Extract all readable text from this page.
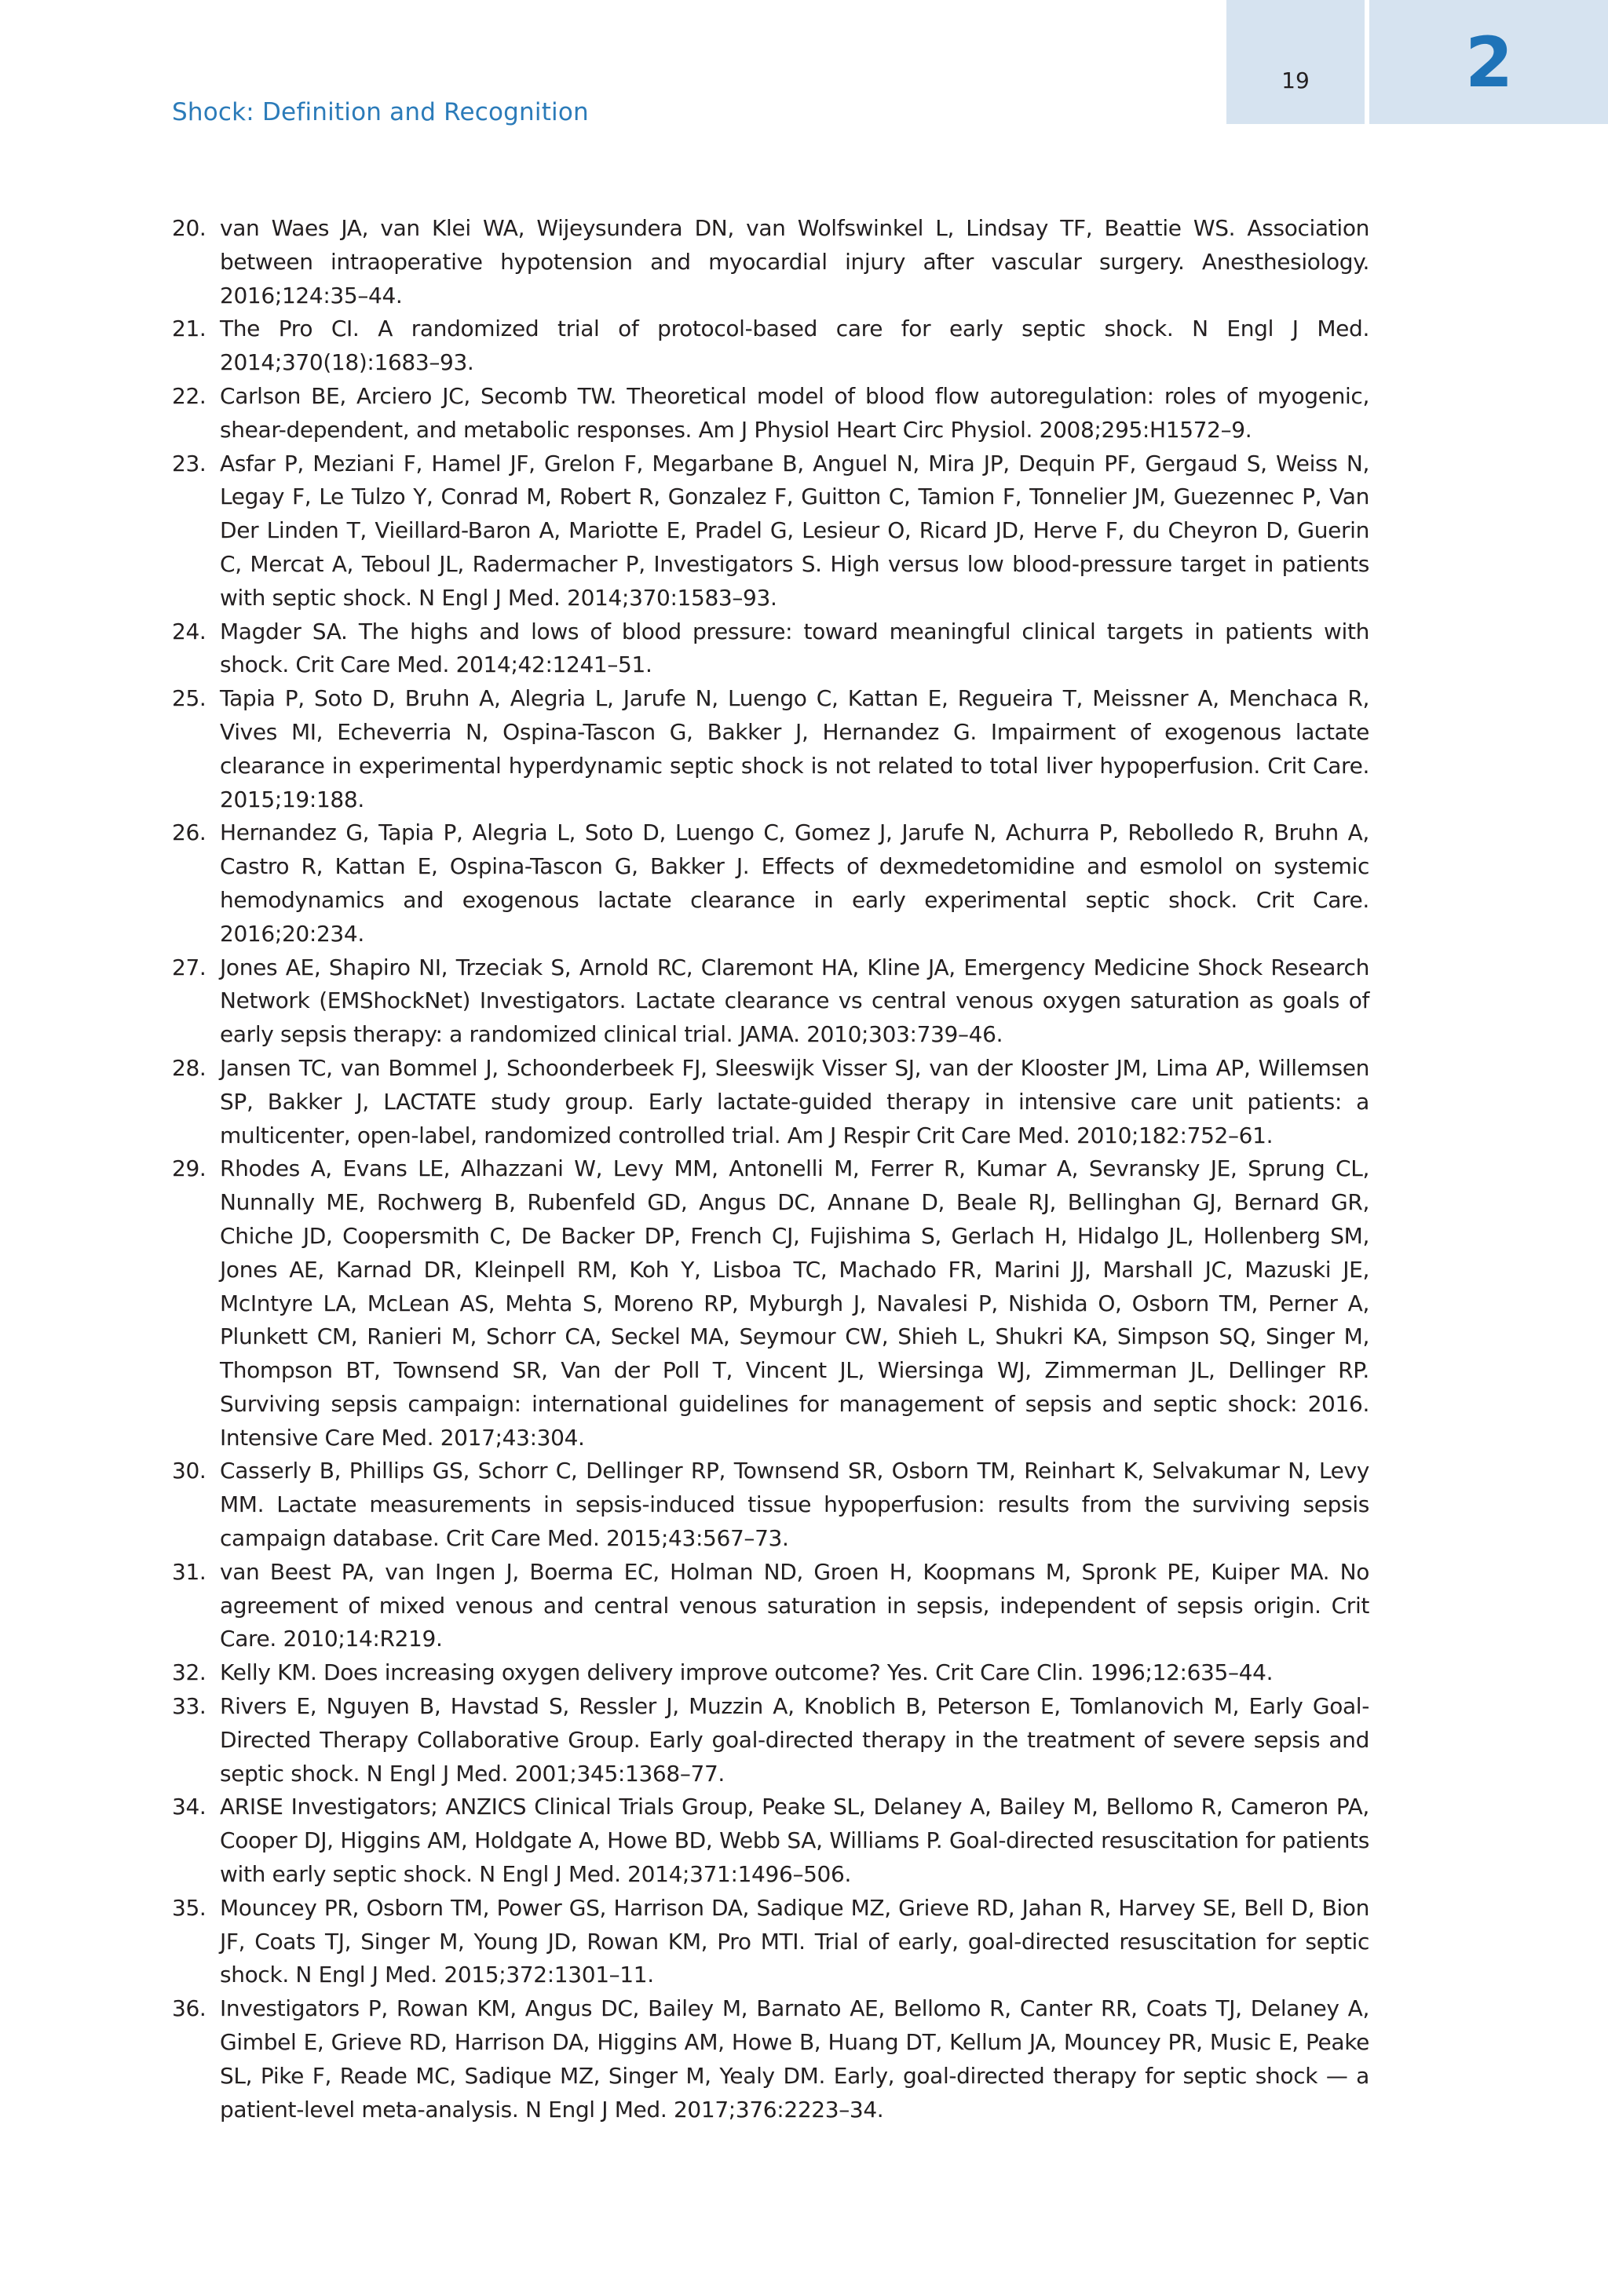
Shock: Definition and Recognition
19	2
20. van Waes JA, van Klei WA, Wijeysundera DN, van Wolfswinkel L, Lindsay TF, Beattie WS. Association between intraoperative hypotension and myocardial injury after vascular surgery. Anesthesiology. 2016;124:35–44.
21. The Pro CI. A randomized trial of protocol-based care for early septic shock. N Engl J Med. 2014;370(18):1683–93.
22. Carlson BE, Arciero JC, Secomb TW. Theoretical model of blood flow autoregulation: roles of myogenic, shear-dependent, and metabolic responses. Am J Physiol Heart Circ Physiol. 2008;295:H1572–9.
23. Asfar P, Meziani F, Hamel JF, Grelon F, Megarbane B, Anguel N, Mira JP, Dequin PF, Gergaud S, Weiss N, Legay F, Le Tulzo Y, Conrad M, Robert R, Gonzalez F, Guitton C, Tamion F, Tonnelier JM, Guezennec P, Van Der Linden T, Vieillard-Baron A, Mariotte E, Pradel G, Lesieur O, Ricard JD, Herve F, du Cheyron D, Guerin C, Mercat A, Teboul JL, Radermacher P, Investigators S. High versus low blood-pressure target in patients with septic shock. N Engl J Med. 2014;370:1583–93.
24. Magder SA. The highs and lows of blood pressure: toward meaningful clinical targets in patients with shock. Crit Care Med. 2014;42:1241–51.
25. Tapia P, Soto D, Bruhn A, Alegria L, Jarufe N, Luengo C, Kattan E, Regueira T, Meissner A, Menchaca R, Vives MI, Echeverria N, Ospina-Tascon G, Bakker J, Hernandez G. Impairment of exogenous lactate clearance in experimental hyperdynamic septic shock is not related to total liver hypoperfusion. Crit Care. 2015;19:188.
26. Hernandez G, Tapia P, Alegria L, Soto D, Luengo C, Gomez J, Jarufe N, Achurra P, Rebolledo R, Bruhn A, Castro R, Kattan E, Ospina-Tascon G, Bakker J. Effects of dexmedetomidine and esmolol on systemic hemodynamics and exogenous lactate clearance in early experimental septic shock. Crit Care. 2016;20:234.
27. Jones AE, Shapiro NI, Trzeciak S, Arnold RC, Claremont HA, Kline JA, Emergency Medicine Shock Research Network (EMShockNet) Investigators. Lactate clearance vs central venous oxygen saturation as goals of early sepsis therapy: a randomized clinical trial. JAMA. 2010;303:739–46.
28. Jansen TC, van Bommel J, Schoonderbeek FJ, Sleeswijk Visser SJ, van der Klooster JM, Lima AP, Willemsen SP, Bakker J, LACTATE study group. Early lactate-guided therapy in intensive care unit patients: a multicenter, open-label, randomized controlled trial. Am J Respir Crit Care Med. 2010;182:752–61.
29. Rhodes A, Evans LE, Alhazzani W, Levy MM, Antonelli M, Ferrer R, Kumar A, Sevransky JE, Sprung CL, Nunnally ME, Rochwerg B, Rubenfeld GD, Angus DC, Annane D, Beale RJ, Bellinghan GJ, Bernard GR, Chiche JD, Coopersmith C, De Backer DP, French CJ, Fujishima S, Gerlach H, Hidalgo JL, Hollenberg SM, Jones AE, Karnad DR, Kleinpell RM, Koh Y, Lisboa TC, Machado FR, Marini JJ, Marshall JC, Mazuski JE, McIntyre LA, McLean AS, Mehta S, Moreno RP, Myburgh J, Navalesi P, Nishida O, Osborn TM, Perner A, Plunkett CM, Ranieri M, Schorr CA, Seckel MA, Seymour CW, Shieh L, Shukri KA, Simpson SQ, Singer M, Thompson BT, Townsend SR, Van der Poll T, Vincent JL, Wiersinga WJ, Zimmerman JL, Dellinger RP. Surviving sepsis campaign: international guidelines for management of sepsis and septic shock: 2016. Intensive Care Med. 2017;43:304.
30. Casserly B, Phillips GS, Schorr C, Dellinger RP, Townsend SR, Osborn TM, Reinhart K, Selvakumar N, Levy MM. Lactate measurements in sepsis-induced tissue hypoperfusion: results from the surviving sepsis campaign database. Crit Care Med. 2015;43:567–73.
31. van Beest PA, van Ingen J, Boerma EC, Holman ND, Groen H, Koopmans M, Spronk PE, Kuiper MA. No agreement of mixed venous and central venous saturation in sepsis, independent of sepsis origin. Crit Care. 2010;14:R219.
32. Kelly KM. Does increasing oxygen delivery improve outcome? Yes. Crit Care Clin. 1996;12:635–44.
33. Rivers E, Nguyen B, Havstad S, Ressler J, Muzzin A, Knoblich B, Peterson E, Tomlanovich M, Early Goal-Directed Therapy Collaborative Group. Early goal-directed therapy in the treatment of severe sepsis and septic shock. N Engl J Med. 2001;345:1368–77.
34. ARISE Investigators; ANZICS Clinical Trials Group, Peake SL, Delaney A, Bailey M, Bellomo R, Cameron PA, Cooper DJ, Higgins AM, Holdgate A, Howe BD, Webb SA, Williams P. Goal-directed resuscitation for patients with early septic shock. N Engl J Med. 2014;371:1496–506.
35. Mouncey PR, Osborn TM, Power GS, Harrison DA, Sadique MZ, Grieve RD, Jahan R, Harvey SE, Bell D, Bion JF, Coats TJ, Singer M, Young JD, Rowan KM, Pro MTI. Trial of early, goal-directed resuscitation for septic shock. N Engl J Med. 2015;372:1301–11.
36. Investigators P, Rowan KM, Angus DC, Bailey M, Barnato AE, Bellomo R, Canter RR, Coats TJ, Delaney A, Gimbel E, Grieve RD, Harrison DA, Higgins AM, Howe B, Huang DT, Kellum JA, Mouncey PR, Music E, Peake SL, Pike F, Reade MC, Sadique MZ, Singer M, Yealy DM. Early, goal-directed therapy for septic shock — a patient-level meta-analysis. N Engl J Med. 2017;376:2223–34.
